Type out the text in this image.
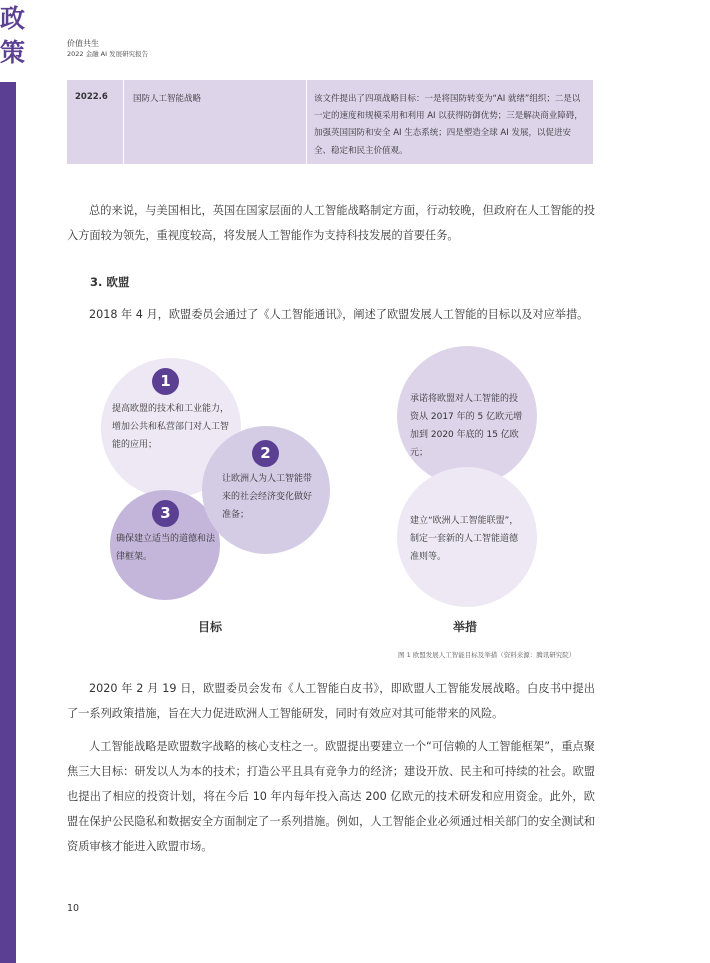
政
策	价值共生
2022 金融 AI 发展研究报告
2022.6	国防人工智能战略	该文件提出了四项战略目标：一是将国防转变为“AI 就绪”组织；二是以一定的速度和规模采用和利用 AI 以获得防御优势；三是解决商业障碍，加强英国国防和安全 AI 生态系统；四是塑造全球 AI 发展，以促进安全、稳定和民主价值观。
总的来说，与美国相比，英国在国家层面的人工智能战略制定方面，行动较晚，但政府在人工智能的投入方面较为领先，重视度较高，将发展人工智能作为支持科技发展的首要任务。
3. 欧盟
2018 年 4 月，欧盟委员会通过了《人工智能通讯》，阐述了欧盟发展人工智能的目标以及对应举措。
1
提高欧盟的技术和工业能力，增加公共和私营部门对人工智能的应用；	2
让欧洲人为人工智能带来的社会经济变化做好准备；
3
确保建立适当的道德和法律框架。
承诺将欧盟对人工智能的投资从 2017 年的 5 亿欧元增加到 2020 年底的 15 亿欧元；
建立“欧洲人工智能联盟”，制定一套新的人工智能道德准则等。
目标	举措
图 1 欧盟发展人工智能目标及举措（资料来源：腾讯研究院）
2020 年 2 月 19 日，欧盟委员会发布《人工智能白皮书》，即欧盟人工智能发展战略。白皮书中提出了一系列政策措施，旨在大力促进欧洲人工智能研发，同时有效应对其可能带来的风险。
人工智能战略是欧盟数字战略的核心支柱之一。欧盟提出要建立一个“可信赖的人工智能框架”，重点聚焦三大目标：研发以人为本的技术；打造公平且具有竞争力的经济；建设开放、民主和可持续的社会。欧盟也提出了相应的投资计划，将在今后 10 年内每年投入高达 200 亿欧元的技术研发和应用资金。此外，欧盟在保护公民隐私和数据安全方面制定了一系列措施。例如，人工智能企业必须通过相关部门的安全测试和资质审核才能进入欧盟市场。
10
